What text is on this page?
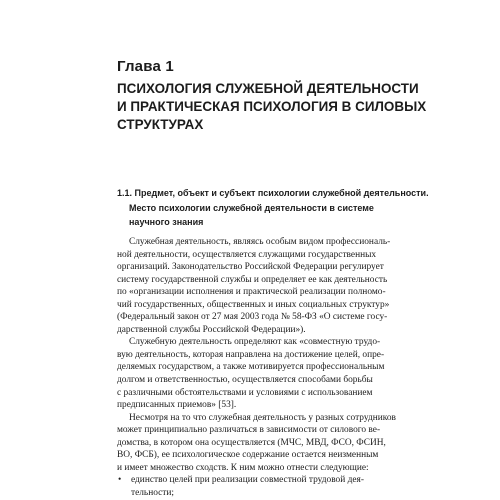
Глава 1
ПСИХОЛОГИЯ СЛУЖЕБНОЙ ДЕЯТЕЛЬНОСТИ
И ПРАКТИЧЕСКАЯ ПСИХОЛОГИЯ В СИЛОВЫХ
СТРУКТУРАХ
1.1. Предмет, объект и субъект психологии служебной деятельности.
Место психологии служебной деятельности в системе
научного знания
Служебная деятельность, являясь особым видом профессиональ-
ной деятельности, осуществляется служащими государственных
организаций. Законодательство Российской Федерации регулирует
систему государственной службы и определяет ее как деятельность
по «организации исполнения и практической реализации полномо-
чий государственных, общественных и иных социальных структур»
(Федеральный закон от 27 мая 2003 года № 58-ФЗ «О системе госу-
дарственной службы Российской Федерации»).
Служебную деятельность определяют как «совместную трудо-
вую деятельность, которая направлена на достижение целей, опре-
деляемых государством, а также мотивируется профессиональным
долгом и ответственностью, осуществляется способами борьбы
с различными обстоятельствами и условиями с использованием
предписанных приемов» [53].
Несмотря на то что служебная деятельность у разных сотрудников
может принципиально различаться в зависимости от силового ве-
домства, в котором она осуществляется (МЧС, МВД, ФСО, ФСИН,
ВО, ФСБ), ее психологическое содержание остается неизменным
и имеет множество сходств. К ним можно отнести следующие:
• единство целей при реализации совместной трудовой дея-
тельности;
